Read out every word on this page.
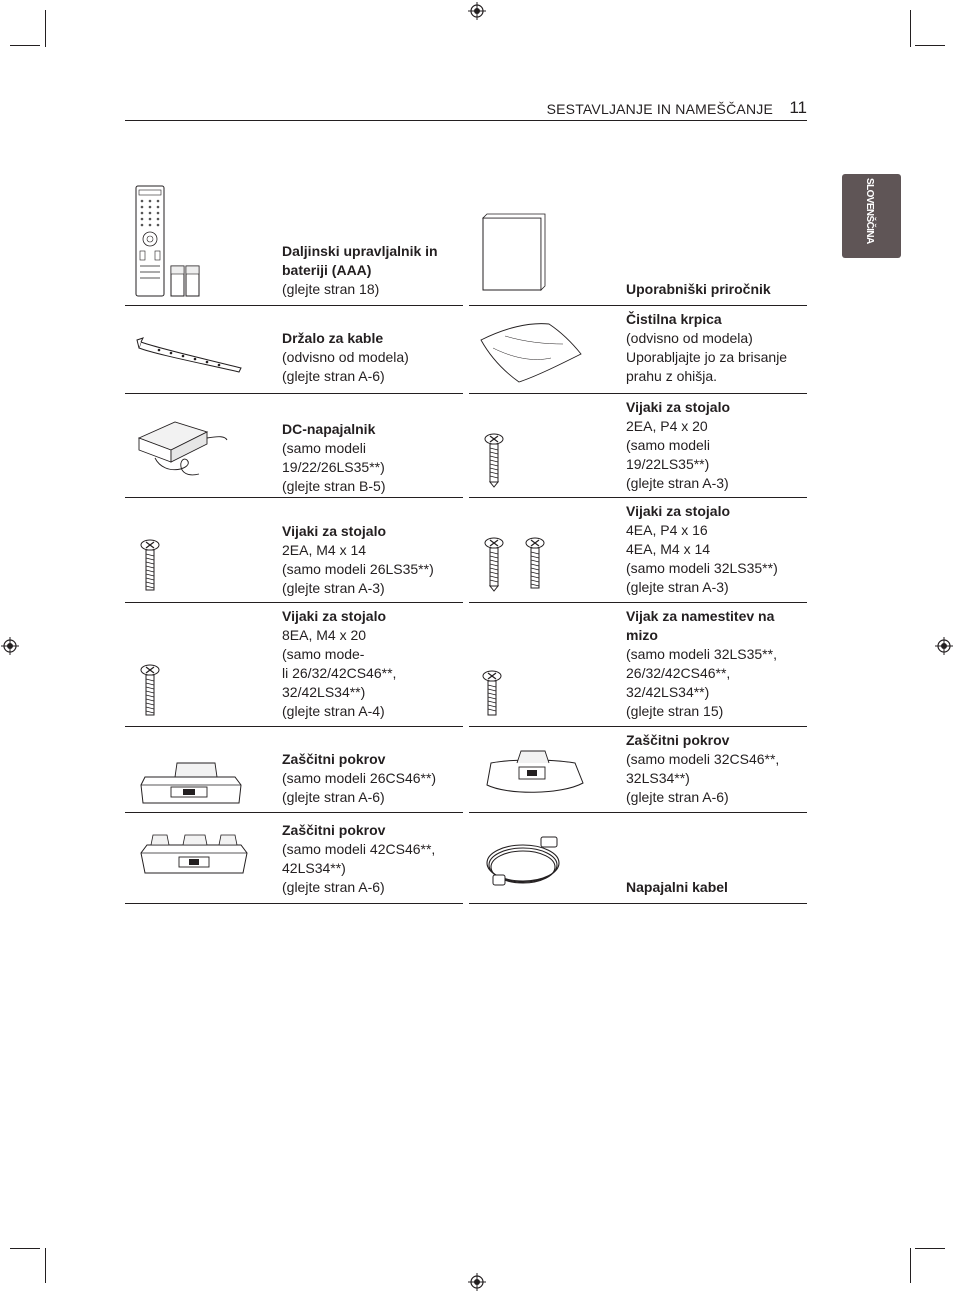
SESTAVLJANJE IN NAMEŠČANJE 11
SLOVENŠČINA
Daljinski upravljalnik in
bateriji (AAA)
(glejte stran 18)	Uporabniški priročnik
Držalo za kable
(odvisno od modela)
(glejte stran A-6)
Čistilna krpica
(odvisno od modela)
Uporabljajte jo za brisanje
prahu z ohišja.
DC-napajalnik
(samo modeli
19/22/26LS35**)
(glejte stran B-5)
Vijaki za stojalo
2EA, P4 x 20
(samo modeli
19/22LS35**)
(glejte stran A-3)
Vijaki za stojalo
2EA, M4 x 14
(samo modeli 26LS35**)
(glejte stran A-3)
Vijaki za stojalo
4EA, P4 x 16
4EA, M4 x 14
(samo modeli 32LS35**)
(glejte stran A-3)
Vijaki za stojalo
8EA, M4 x 20
(samo mode-
li 26/32/42CS46**,
32/42LS34**)
(glejte stran A-4)
Vijak za namestitev na
mizo
(samo modeli 32LS35**,
26/32/42CS46**,
32/42LS34**)
(glejte stran 15)
Zaščitni pokrov
(samo modeli 26CS46**)
(glejte stran A-6)
Zaščitni pokrov
(samo modeli 32CS46**,
32LS34**)
(glejte stran A-6)
Zaščitni pokrov
(samo modeli 42CS46**,
42LS34**)
(glejte stran A-6)	Napajalni kabel
